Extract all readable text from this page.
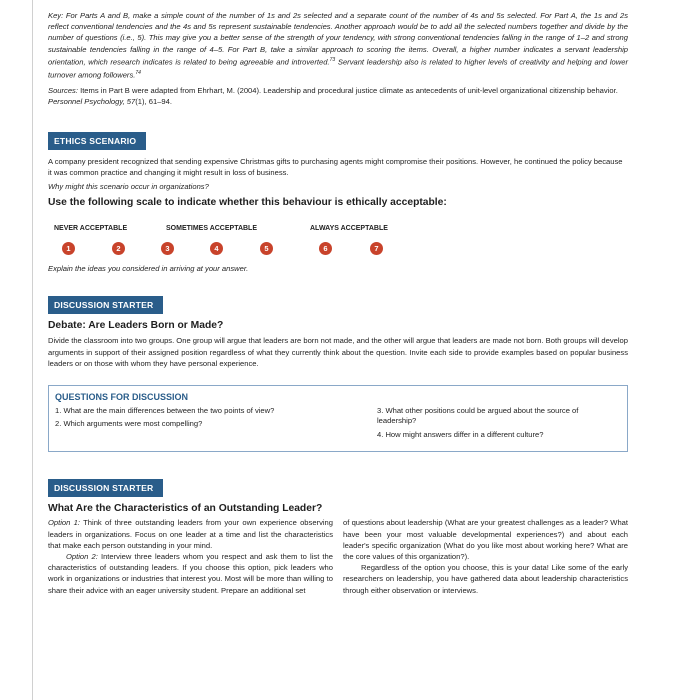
Key: For Parts A and B, make a simple count of the number of 1s and 2s selected and a separate count of the number of 4s and 5s selected. For Part A, the 1s and 2s reflect conventional tendencies and the 4s and 5s represent sustainable tendencies. Another approach would be to add all the selected numbers together and divide by the number of questions (i.e., 5). This may give you a better sense of the strength of your tendency, with strong conventional tendencies falling in the range of 1–2 and strong sustainable tendencies falling in the range of 4–5. For Part B, take a similar approach to scoring the items. Overall, a higher number indicates a servant leadership orientation, which research indicates is related to being agreeable and introverted.$^{73}$ Servant leadership also is related to higher levels of creativity and helping and lower turnover among followers.$^{74}$

Sources: Items in Part B were adapted from Ehrhart, M. (2004). Leadership and procedural justice climate as antecedents of unit-level organizational citizenship behavior. Personnel Psychology, 57(1), 61–94.

ETHICS SCENARIO

A company president recognized that sending expensive Christmas gifts to purchasing agents might compromise their positions. However, he continued the policy because it was common practice and changing it might result in loss of business.

Why might this scenario occur in organizations?

Use the following scale to indicate whether this behaviour is ethically acceptable:

NEVER ACCEPTABLE	SOMETIMES ACCEPTABLE	ALWAYS ACCEPTABLE
1	2	3	4	5	6	7

Explain the ideas you considered in arriving at your answer.

DISCUSSION STARTER

Debate: Are Leaders Born or Made?

Divide the classroom into two groups. One group will argue that leaders are born not made, and the other will argue that leaders are made not born. Both groups will develop arguments in support of their assigned position regardless of what they currently think about the question. Invite each side to provide examples based on popular business leaders or on those with whom they have personal experience.

QUESTIONS FOR DISCUSSION

1. What are the main differences between the two points of view?
2. Which arguments were most compelling?
3. What other positions could be argued about the source of leadership?
4. How might answers differ in a different culture?
DISCUSSION STARTER

What Are the Characteristics of an Outstanding Leader?

Option 1: Think of three outstanding leaders from your own experience observing leaders in organizations. Focus on one leader at a time and list the characteristics that make each person outstanding in your mind.

Option 2: Interview three leaders whom you respect and ask them to list the characteristics of outstanding leaders. If you choose this option, pick leaders who work in organizations or industries that interest you. Most will be more than willing to share their advice with an eager university student. Prepare an additional set

of questions about leadership (What are your greatest challenges as a leader? What have been your most valuable developmental experiences?) and about each leader's specific organization (What do you like most about working here? What are the core values of this organization?).

Regardless of the option you choose, this is your data! Like some of the early researchers on leadership, you have gathered data about leadership characteristics through either observation or interviews.
